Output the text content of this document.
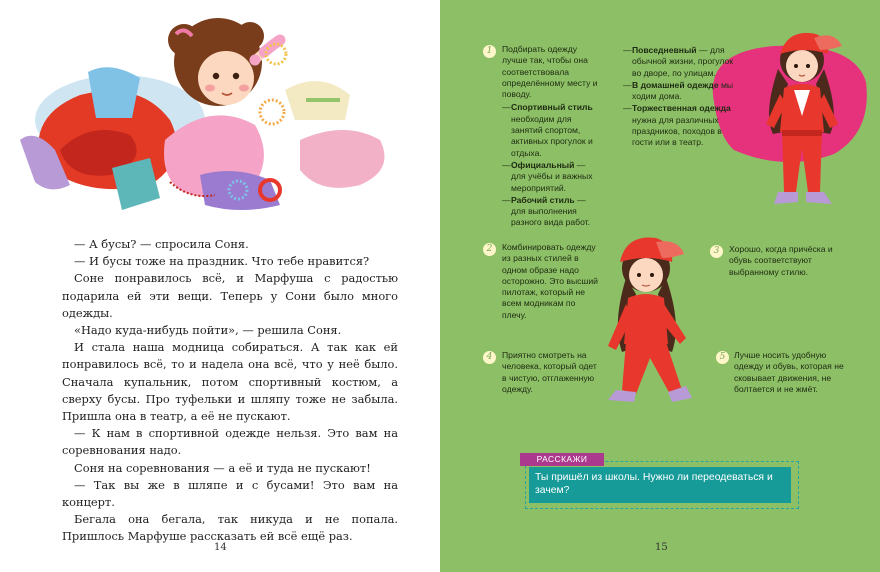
— А бусы? — спросила Соня.

— И бусы тоже на праздник. Что тебе нравится?

Соне понравилось всё, и Марфуша с радостью подарила ей эти вещи. Теперь у Сони было много одежды.

«Надо куда-нибудь пойти», — решила Соня.

И стала наша модница собираться. А так как ей понравилось всё, то и надела она всё, что у неё было. Сначала купальник, потом спортивный костюм, а сверху бусы. Про туфельки и шляпу тоже не забыла. Пришла она в театр, а её не пускают.

— К нам в спортивной одежде нельзя. Это вам на соревнования надо.

Соня на соревнования — а её и туда не пускают!

— Так вы же в шляпе и с бусами! Это вам на концерт.

Бегала она бегала, так никуда и не попала. Пришлось Марфуше рассказать ей всё ещё раз.

14
1	Подбирать одежду лучше так, чтобы она соответствовала определённому месту и поводу.
— Спортивный стиль необходим для занятий спортом, активных прогулок и отдыха.
— Официальный — для учёбы и важных мероприятий.
— Рабочий стиль — для выполнения разного вида работ.
— Повседневный — для обычной жизни, прогулок во дворе, по улицам.
— В домашней одежде мы ходим дома.
— Торжественная одежда нужна для различных праздников, походов в гости или в театр.
2	Комбинировать одежду из разных стилей в одном образе надо осторожно. Это высший пилотаж, который не всем модникам по плечу.
3	Хорошо, когда причёска и обувь соответствуют выбранному стилю.
4	Приятно смотреть на человека, который одет в чистую, отглаженную одежду.
5	Лучше носить удобную одежду и обувь, которая не сковывает движения, не болтается и не жмёт.
Ты пришёл из школы. Нужно ли переодеваться и зачем?
РАССКАЖИ
15
